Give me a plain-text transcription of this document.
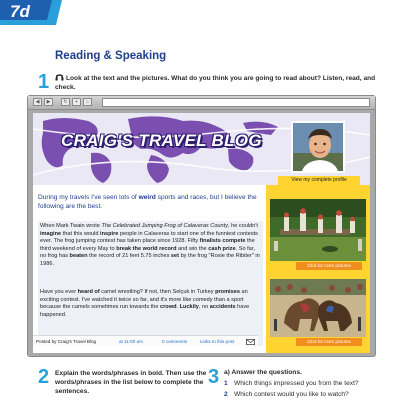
7d
Reading & Speaking
1	Look at the text and the pictures. What do you think you are going to read about? Listen, read, and check.
◀	▶	↻	+	⌂
CRAIG'S TRAVEL BLOG
View my complete profile
During my travels I've seen lots of weird sports and races, but I believe the following are the best.
When Mark Twain wrote The Celebrated Jumping Frog of Calaveras County, he couldn't imagine that this would inspire people in Calaveras to start one of the funniest contests ever. The frog jumping contest has taken place since 1928. Fifty finalists compete the third weekend of every May to break the world record and win the cash prize. So far, no frog has beaten the record of 21 feet 5.75 inches set by the frog "Rosie the Ribiter" in 1986.
Have you ever heard of camel wrestling? If not, then Selçuk in Turkey promises an exciting contest. I've watched it twice so far, and it's more like comedy than a sport because the camels sometimes run towards the crowd. Luckily, no accidents have happened.
Posted by Craig's Travel Blog	at 11:00 am	0 comments	Links to this post
Click for more pictures
Click for more pictures
2 Explain the words/phrases in bold. Then use the words/phrases in the list below to complete the sentences.
3 a) Answer the questions.
1 Which things impressed you from the text?
2 Which contest would you like to watch?
